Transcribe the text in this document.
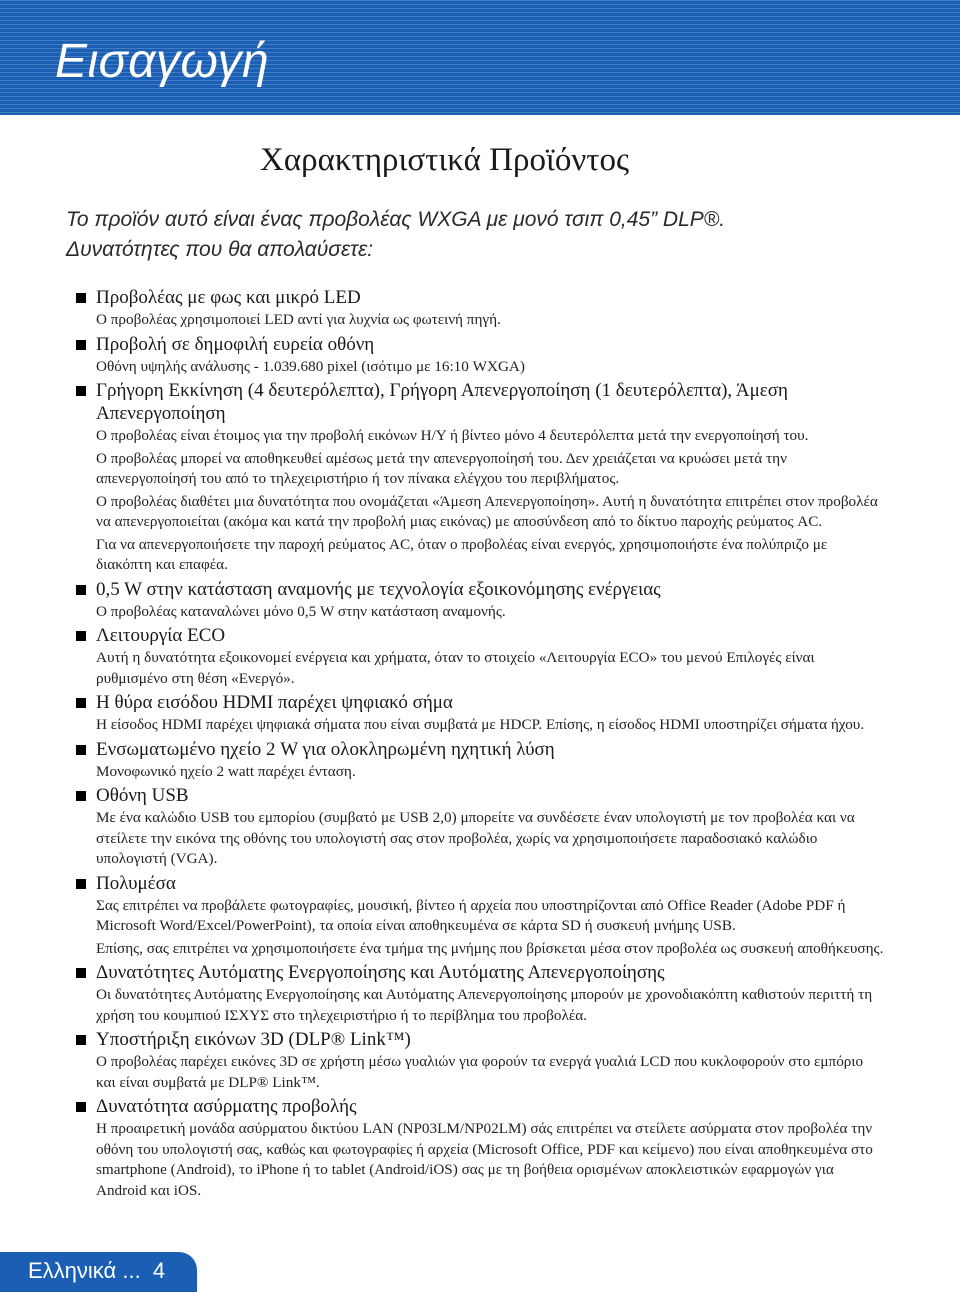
Εισαγωγή
Χαρακτηριστικά Προϊόντος
Το προϊόν αυτό είναι ένας προβολέας WXGA με μονό τσιπ 0,45” DLP®.
Δυνατότητες που θα απολαύσετε:
Προβολέας με φως και μικρό LED
Ο προβολέας χρησιμοποιεί LED αντί για λυχνία ως φωτεινή πηγή.
Προβολή σε δημοφιλή ευρεία οθόνη
Οθόνη υψηλής ανάλυσης - 1.039.680 pixel (ισότιμο με 16:10 WXGA)
Γρήγορη Εκκίνηση (4 δευτερόλεπτα), Γρήγορη Απενεργοποίηση (1 δευτερόλεπτα), Άμεση Απενεργοποίηση
Ο προβολέας είναι έτοιμος για την προβολή εικόνων Η/Υ ή βίντεο μόνο 4 δευτερόλεπτα μετά την ενεργοποίησή του.
Ο προβολέας μπορεί να αποθηκευθεί αμέσως μετά την απενεργοποίησή του. Δεν χρειάζεται να κρυώσει μετά την απενεργοποίησή του από το τηλεχειριστήριο ή τον πίνακα ελέγχου του περιβλήματος.
Ο προβολέας διαθέτει μια δυνατότητα που ονομάζεται «Άμεση Απενεργοποίηση». Αυτή η δυνατότητα επιτρέπει στον προβολέα να απενεργοποιείται (ακόμα και κατά την προβολή μιας εικόνας) με αποσύνδεση από το δίκτυο παροχής ρεύματος AC.
Για να απενεργοποιήσετε την παροχή ρεύματος AC, όταν ο προβολέας είναι ενεργός, χρησιμοποιήστε ένα πολύπριζο με διακόπτη και επαφέα.
0,5 W στην κατάσταση αναμονής με τεχνολογία εξοικονόμησης ενέργειας
Ο προβολέας καταναλώνει μόνο 0,5 W στην κατάσταση αναμονής.
Λειτουργία ECO
Αυτή η δυνατότητα εξοικονομεί ενέργεια και χρήματα, όταν το στοιχείο «Λειτουργία ECO» του μενού Επιλογές είναι ρυθμισμένο στη θέση «Ενεργό».
Η θύρα εισόδου HDMI παρέχει ψηφιακό σήμα
Η είσοδος HDMI παρέχει ψηφιακά σήματα που είναι συμβατά με HDCP. Επίσης, η είσοδος HDMI υποστηρίζει σήματα ήχου.
Ενσωματωμένο ηχείο 2 W για ολοκληρωμένη ηχητική λύση
Μονοφωνικό ηχείο 2 watt παρέχει ένταση.
Οθόνη USB
Με ένα καλώδιο USB του εμπορίου (συμβατό με USB 2,0) μπορείτε να συνδέσετε έναν υπολογιστή με τον προβολέα και να στείλετε την εικόνα της οθόνης του υπολογιστή σας στον προβολέα, χωρίς να χρησιμοποιήσετε παραδοσιακό καλώδιο υπολογιστή (VGA).
Πολυμέσα
Σας επιτρέπει να προβάλετε φωτογραφίες, μουσική, βίντεο ή αρχεία που υποστηρίζονται από Office Reader (Adobe PDF ή Microsoft Word/Excel/PowerPoint), τα οποία είναι αποθηκευμένα σε κάρτα SD ή συσκευή μνήμης USB.
Επίσης, σας επιτρέπει να χρησιμοποιήσετε ένα τμήμα της μνήμης που βρίσκεται μέσα στον προβολέα ως συσκευή αποθήκευσης.
Δυνατότητες Αυτόματης Ενεργοποίησης και Αυτόματης Απενεργοποίησης
Οι δυνατότητες Αυτόματης Ενεργοποίησης και Αυτόματης Απενεργοποίησης μπορούν με χρονοδιακόπτη καθιστούν περιττή τη χρήση του κουμπιού ΙΣΧΥΣ στο τηλεχειριστήριο ή το περίβλημα του προβολέα.
Υποστήριξη εικόνων 3D (DLP® Link™)
Ο προβολέας παρέχει εικόνες 3D σε χρήστη μέσω γυαλιών για φορούν τα ενεργά γυαλιά LCD που κυκλοφορούν στο εμπόριο και είναι συμβατά με DLP® Link™.
Δυνατότητα ασύρματης προβολής
Η προαιρετική μονάδα ασύρματου δικτύου LAN (NP03LM/NP02LM) σάς επιτρέπει να στείλετε ασύρματα στον προβολέα την οθόνη του υπολογιστή σας, καθώς και φωτογραφίες ή αρχεία (Microsoft Office, PDF και κείμενο) που είναι αποθηκευμένα στο smartphone (Android), το iPhone ή το tablet (Android/iOS) σας με τη βοήθεια ορισμένων αποκλειστικών εφαρμογών για Android και iOS.
Ελληνικά ...  4
